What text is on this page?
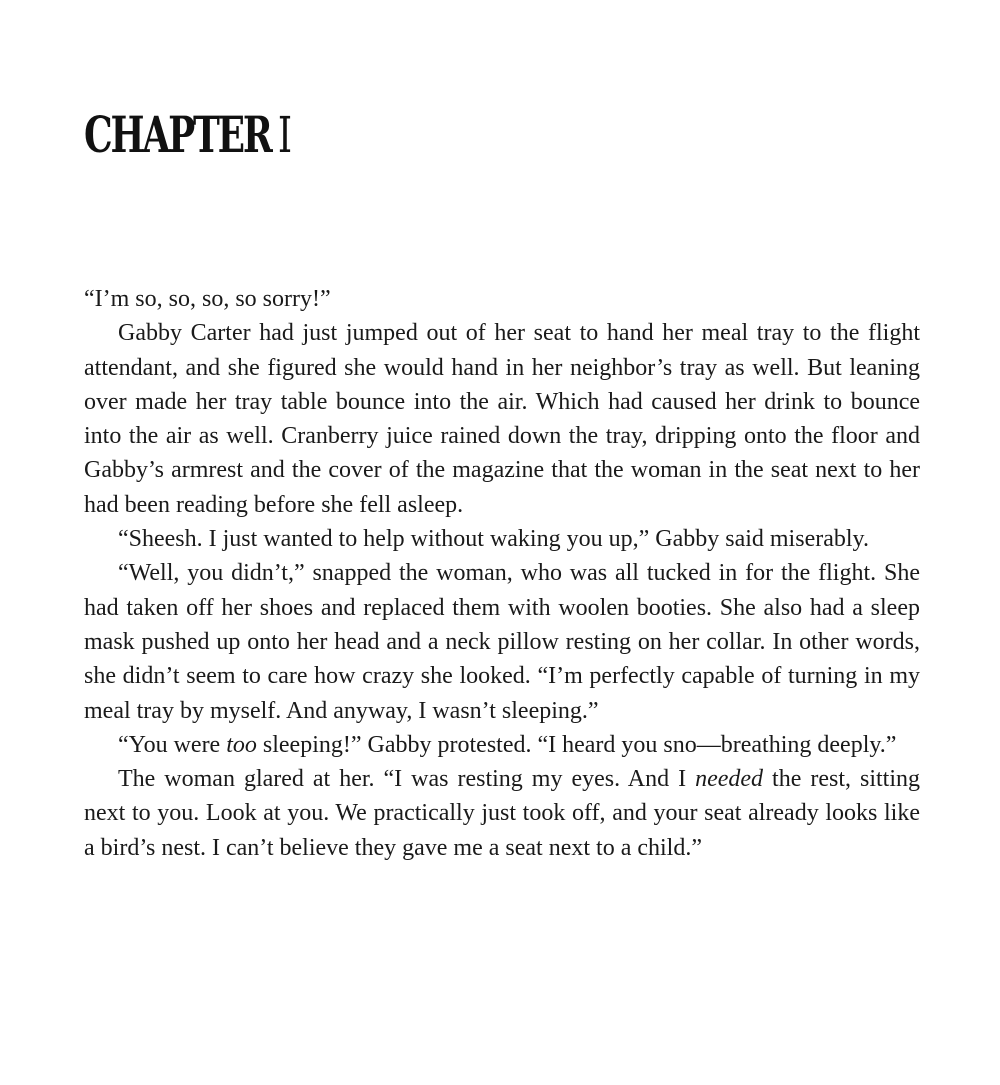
CHAPTER I

“I’m so, so, so, so sorry!”

Gabby Carter had just jumped out of her seat to hand her meal tray to the flight attendant, and she figured she would hand in her neighbor’s tray as well. But leaning over made her tray table bounce into the air. Which had caused her drink to bounce into the air as well. Cranberry juice rained down the tray, dripping onto the floor and Gabby’s armrest and the cover of the magazine that the woman in the seat next to her had been reading before she fell asleep.

“Sheesh. I just wanted to help without waking you up,” Gabby said miserably.

“Well, you didn’t,” snapped the woman, who was all tucked in for the flight. She had taken off her shoes and replaced them with woolen booties. She also had a sleep mask pushed up onto her head and a neck pillow resting on her collar. In other words, she didn’t seem to care how crazy she looked. “I’m perfectly capable of turning in my meal tray by myself. And anyway, I wasn’t sleeping.”

“You were too sleeping!” Gabby protested. “I heard you sno—breathing deeply.”

The woman glared at her. “I was resting my eyes. And I needed the rest, sitting next to you. Look at you. We practically just took off, and your seat already looks like a bird’s nest. I can’t believe they gave me a seat next to a child.”
